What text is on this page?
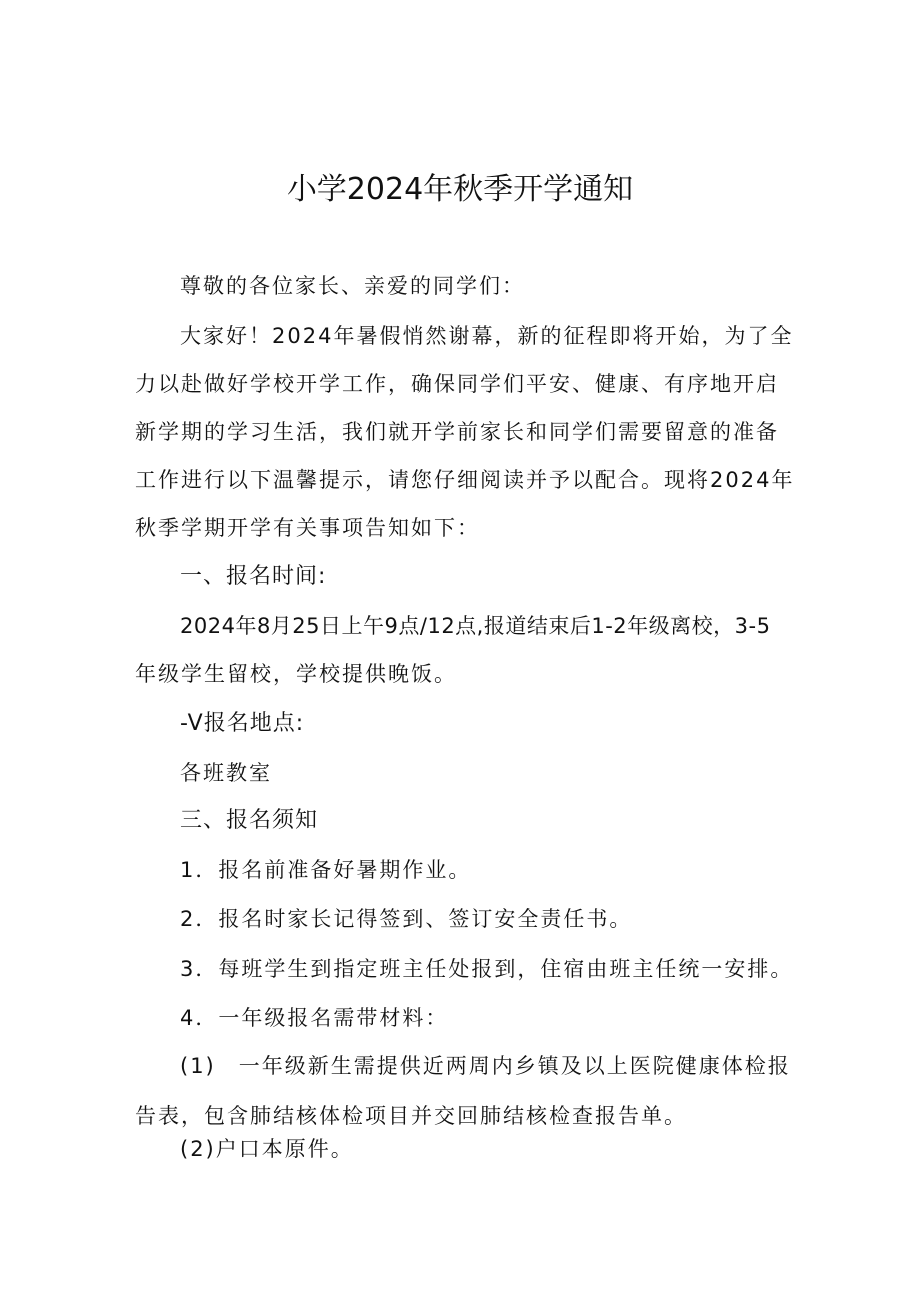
小学2024年秋季开学通知

尊敬的各位家长、亲爱的同学们：

大家好！2024年暑假悄然谢幕，新的征程即将开始，为了全

力以赴做好学校开学工作，确保同学们平安、健康、有序地开启

新学期的学习生活，我们就开学前家长和同学们需要留意的准备

工作进行以下温馨提示，请您仔细阅读并予以配合。现将2024年

秋季学期开学有关事项告知如下：

一、报名时间:

2024年8月25日上午9点/12点,报道结束后1-2年级离校，3-5

年级学生留校，学校提供晚饭。

-V报名地点:

各班教室

三、报名须知

1．报名前准备好暑期作业。

2．报名时家长记得签到、签订安全责任书。

3．每班学生到指定班主任处报到，住宿由班主任统一安排。

4．一年级报名需带材料：

(1)　一年级新生需提供近两周内乡镇及以上医院健康体检报

告表，包含肺结核体检项目并交回肺结核检查报告单。

(2)户口本原件。
